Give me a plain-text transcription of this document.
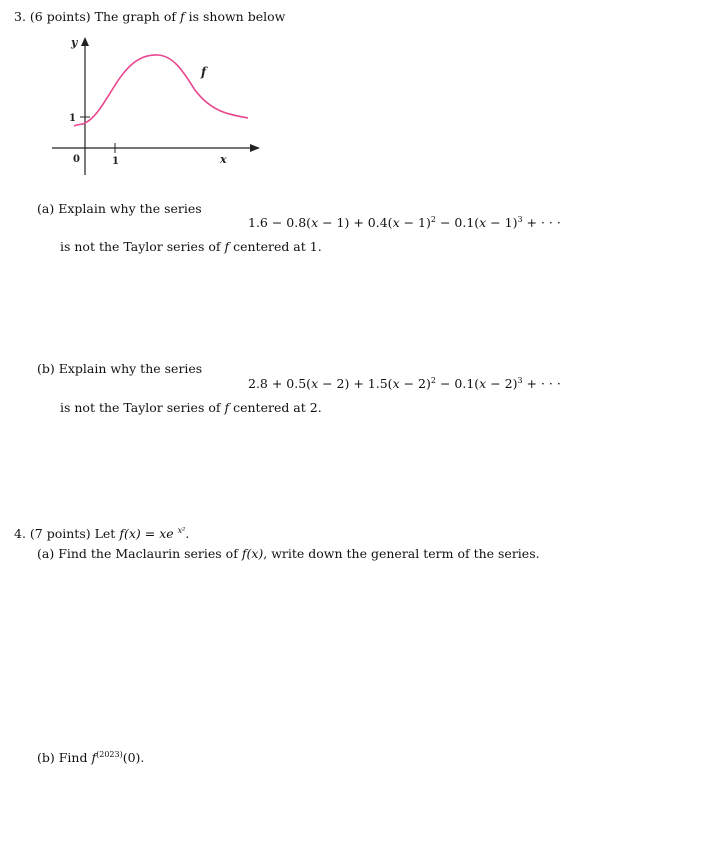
3. (6 points) The graph of f is shown below
y
x
0	1
1
f
(a) Explain why the series
$1.6 - 0.8(x - 1) + 0.4(x - 1)^2 - 0.1(x - 1)^3$ + · · ·
is not the Taylor series of f centered at 1.
(b) Explain why the series
$2.8 + 0.5(x - 2) + 1.5(x - 2)^2 - 0.1(x - 2)^3$ + · · ·
is not the Taylor series of f centered at 2.
4. (7 points) Let f(x) = xe $^{x^2}$.
(a) Find the Maclaurin series of f(x), write down the general term of the series.
(b) Find $f^{(2023)}(0)$.
